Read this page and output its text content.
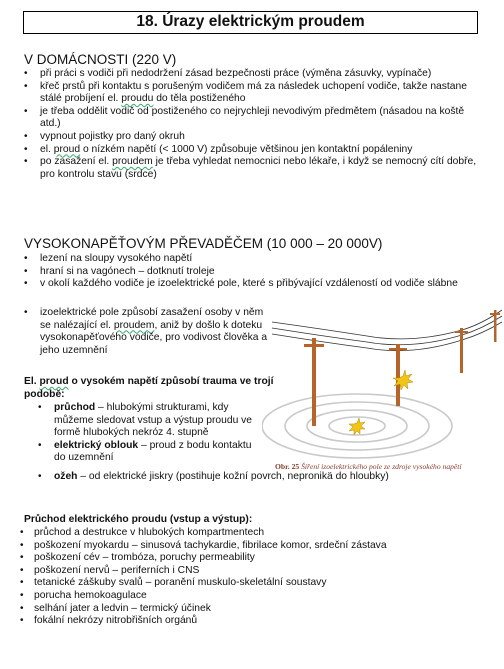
18. Úrazy elektrickým proudem
V DOMÁCNOSTI (220 V)
• při práci s vodiči při nedodržení zásad bezpečnosti práce (výměna zásuvky, vypínače)
• křeč prstů při kontaktu s porušeným vodičem má za následek uchopení vodiče, takže nastane stálé probíjení el. proudu do těla postiženého
• je třeba oddělit vodič od postiženého co nejrychleji nevodivým předmětem (násadou na koště atd.)
• vypnout pojistky pro daný okruh
• el. proud o nízkém napětí (< 1000 V) způsobuje většinou jen kontaktní popáleniny
• po zasažení el. proudem je třeba vyhledat nemocnici nebo lékaře, i když se nemocný cítí dobře, pro kontrolu stavu (srdce)
VYSOKONAPĚŤOVÝM PŘEVADĚČEM (10 000 – 20 000V)
• lezení na sloupy vysokého napětí
• hraní si na vagónech – dotknutí troleje
• v okolí každého vodiče je izoelektrické pole, které s přibývající vzdáleností od vodiče slábne
• izoelektrické pole způsobí zasažení osoby v něm se nalézající el. proudem, aniž by došlo k doteku vysokonapěťového vodiče, pro vodivost člověka a jeho uzemnění
El. proud o vysokém napětí způsobí trauma ve trojí podobě:
• průchod – hlubokými strukturami, kdy můžeme sledovat vstup a výstup proudu ve formě hlubokých nekróz 4. stupně
• elektrický oblouk – proud z bodu kontaktu do uzemnění
• ožeh – od elektrické jiskry (postihuje kožní povrch, nepronikä do hloubky)
Průchod elektrického proudu (vstup a výstup):
• průchod a destrukce v hlubokých kompartmentech
• poškození myokardu – sinusová tachykardie, fibrilace komor, srdeční zástava
• poškození cév – trombóza, poruchy permeability
• poškození nervů – periferních i CNS
• tetanické záškuby svalů – poranění muskulo-skeletální soustavy
• porucha hemokoagulace
• selhání jater a ledvin – termický účinek
• fokální nekrózy nitrobřišních orgánů
Obr. 25 Šíření izoelektrického pole ze zdroje vysokého napětí
